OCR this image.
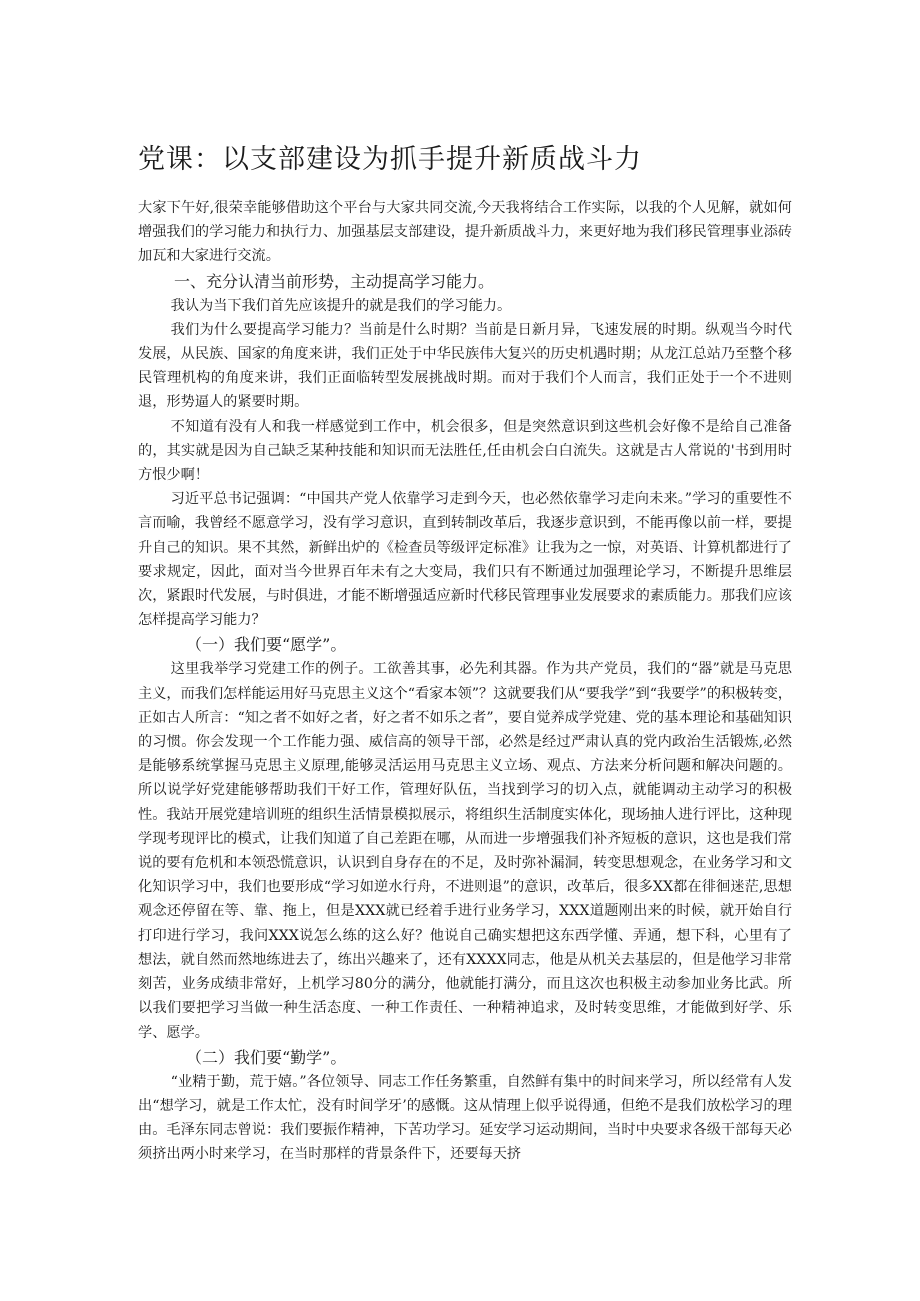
党课：以支部建设为抓手提升新质战斗力

大家下午好,很荣幸能够借助这个平台与大家共同交流,今天我将结合工作实际，以我的个人见解，就如何增强我们的学习能力和执行力、加强基层支部建设，提升新质战斗力，来更好地为我们移民管理事业添砖加瓦和大家进行交流。

一、充分认清当前形势，主动提高学习能力。

我认为当下我们首先应该提升的就是我们的学习能力。

我们为什么要提高学习能力？当前是什么时期？当前是日新月异，飞速发展的时期。纵观当今时代发展，从民族、国家的角度来讲，我们正处于中华民族伟大复兴的历史机遇时期；从龙江总站乃至整个移民管理机构的角度来讲，我们正面临转型发展挑战时期。而对于我们个人而言，我们正处于一个不进则退，形势逼人的紧要时期。

不知道有没有人和我一样感觉到工作中，机会很多，但是突然意识到这些机会好像不是给自己准备的，其实就是因为自己缺乏某种技能和知识而无法胜任,任由机会白白流失。这就是古人常说的'书到用时方恨少啊！

习近平总书记强调：“中国共产党人依靠学习走到今天，也必然依靠学习走向未来。”学习的重要性不言而喻，我曾经不愿意学习，没有学习意识，直到转制改革后，我逐步意识到，不能再像以前一样，要提升自己的知识。果不其然，新鲜出炉的《检查员等级评定标准》让我为之一惊，对英语、计算机都进行了要求规定，因此，面对当今世界百年未有之大变局，我们只有不断通过加强理论学习，不断提升思维层次，紧跟时代发展，与时俱进，才能不断增强适应新时代移民管理事业发展要求的素质能力。那我们应该怎样提高学习能力？

（一）我们要“愿学”。

这里我举学习党建工作的例子。工欲善其事，必先利其器。作为共产党员，我们的“器”就是马克思主义，而我们怎样能运用好马克思主义这个“看家本领”？这就要我们从“要我学”到“我要学”的积极转变，正如古人所言：“知之者不如好之者，好之者不如乐之者”，要自觉养成学党建、党的基本理论和基础知识的习惯。你会发现一个工作能力强、威信高的领导干部，必然是经过严肃认真的党内政治生活锻炼,必然是能够系统掌握马克思主义原理,能够灵活运用马克思主义立场、观点、方法来分析问题和解决问题的。所以说学好党建能够帮助我们干好工作，管理好队伍，当找到学习的切入点，就能调动主动学习的积极性。我站开展党建培训班的组织生活情景模拟展示，将组织生活制度实体化，现场抽人进行评比，这种现学现考现评比的模式，让我们知道了自己差距在哪，从而进一步增强我们补齐短板的意识，这也是我们常说的要有危机和本领恐慌意识，认识到自身存在的不足，及时弥补漏洞，转变思想观念，在业务学习和文化知识学习中，我们也要形成“学习如逆水行舟，不进则退”的意识，改革后，很多XX都在徘徊迷茫,思想观念还停留在等、靠、拖上，但是XXX就已经着手进行业务学习，XXX道题刚出来的时候，就开始自行打印进行学习，我问XXX说怎么练的这么好？他说自己确实想把这东西学懂、弄通，想下科，心里有了想法，就自然而然地练进去了，练出兴趣来了，还有XXXX同志，他是从机关去基层的，但是他学习非常刻苦，业务成绩非常好，上机学习80分的满分，他就能打满分，而且这次也积极主动参加业务比武。所以我们要把学习当做一种生活态度、一种工作责任、一种精神追求，及时转变思维，才能做到好学、乐学、愿学。

（二）我们要“勤学”。

“业精于勤，荒于嬉。”各位领导、同志工作任务繁重，自然鲜有集中的时间来学习，所以经常有人发出“想学习，就是工作太忙，没有时间学牙’的感慨。这从情理上似乎说得通，但绝不是我们放松学习的理由。毛泽东同志曾说：我们要振作精神，下苦功学习。延安学习运动期间，当时中央要求各级干部每天必须挤出两小时来学习，在当时那样的背景条件下，还要每天挤
